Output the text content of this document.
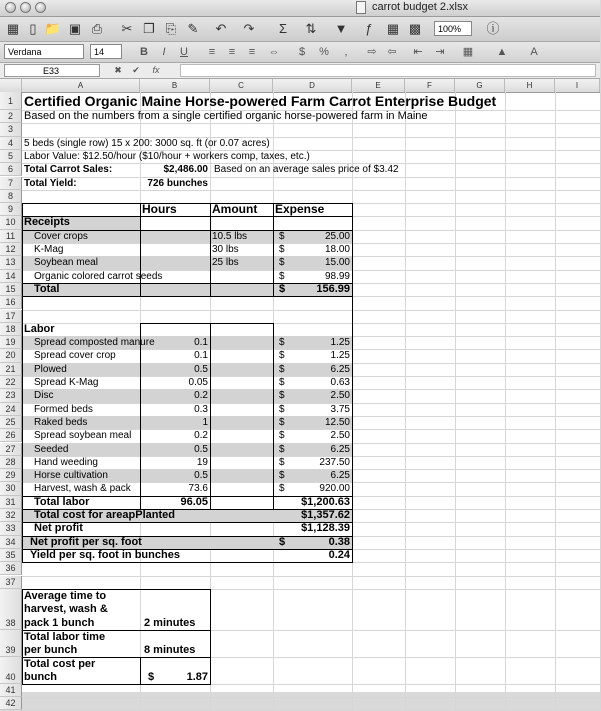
carrot budget 2.xlsx
▦ ▯ 📁 ▣ ⎙ ✂ ❐ ⎘ ✎ ↶ ↷	Σ	⇅ ▼	ƒ	▦ ▩	100%	ⓘ
Verdana	14	B	I	U	≡	≡	≡	⇔	$	%	‚	⇨ ⇦	⇤	⇥	▦ ▲	A
E33	✖ ✔ fx
A	B	C	D	E	F	G	H	I
1
2
3
4
5
6
7
8
9
10
11
12
13
14
15
16
17
18
19
20
21
22
23
24
25
26
27
28
29
30
31
32
33
34
35
36
37
38
39
40
41
42
Certified Organic Maine Horse-powered Farm Carrot Enterprise Budget
Based on the numbers from a single certified organic horse-powered farm in Maine
5 beds (single row) 15 x 200: 3000 sq. ft (or 0.07 acres)
Labor Value: $12.50/hour ($10/hour + workers comp, taxes, etc.)
Total Carrot Sales:	$2,486.00 Based on an average sales price of $3.42
Total Yield:	726 bunches
Hours	Amount	Expense
Receipts
Cover crops	10.5 lbs	$	25.00
K-Mag	30 lbs	$	18.00
Soybean meal	25 lbs	$	15.00
Organic colored carrot seeds	$	98.99
Total	$	156.99
Labor
Spread composted manure	0.1	$	1.25
Spread cover crop	0.1	$	1.25
Plowed	0.5	$	6.25
Spread K-Mag	0.05	$	0.63
Disc	0.2	$	2.50
Formed beds	0.3	$	3.75
Raked beds	1	$	12.50
Spread soybean meal	0.2	$	2.50
Seeded	0.5	$	6.25
Hand weeding	19	$	237.50
Horse cultivation	0.5	$	6.25
Harvest, wash & pack	73.6	$	920.00
Total labor	96.05	$1,200.63
Total cost for areapPlanted	$1,357.62
Net profit	$1,128.39
Net profit per sq. foot	$	0.38
Yield per sq. foot in bunches	0.24
Average time to
harvest, wash &
pack 1 bunch
Total labor time
per bunch
Total cost per
bunch
2 minutes
8 minutes
$	1.87
